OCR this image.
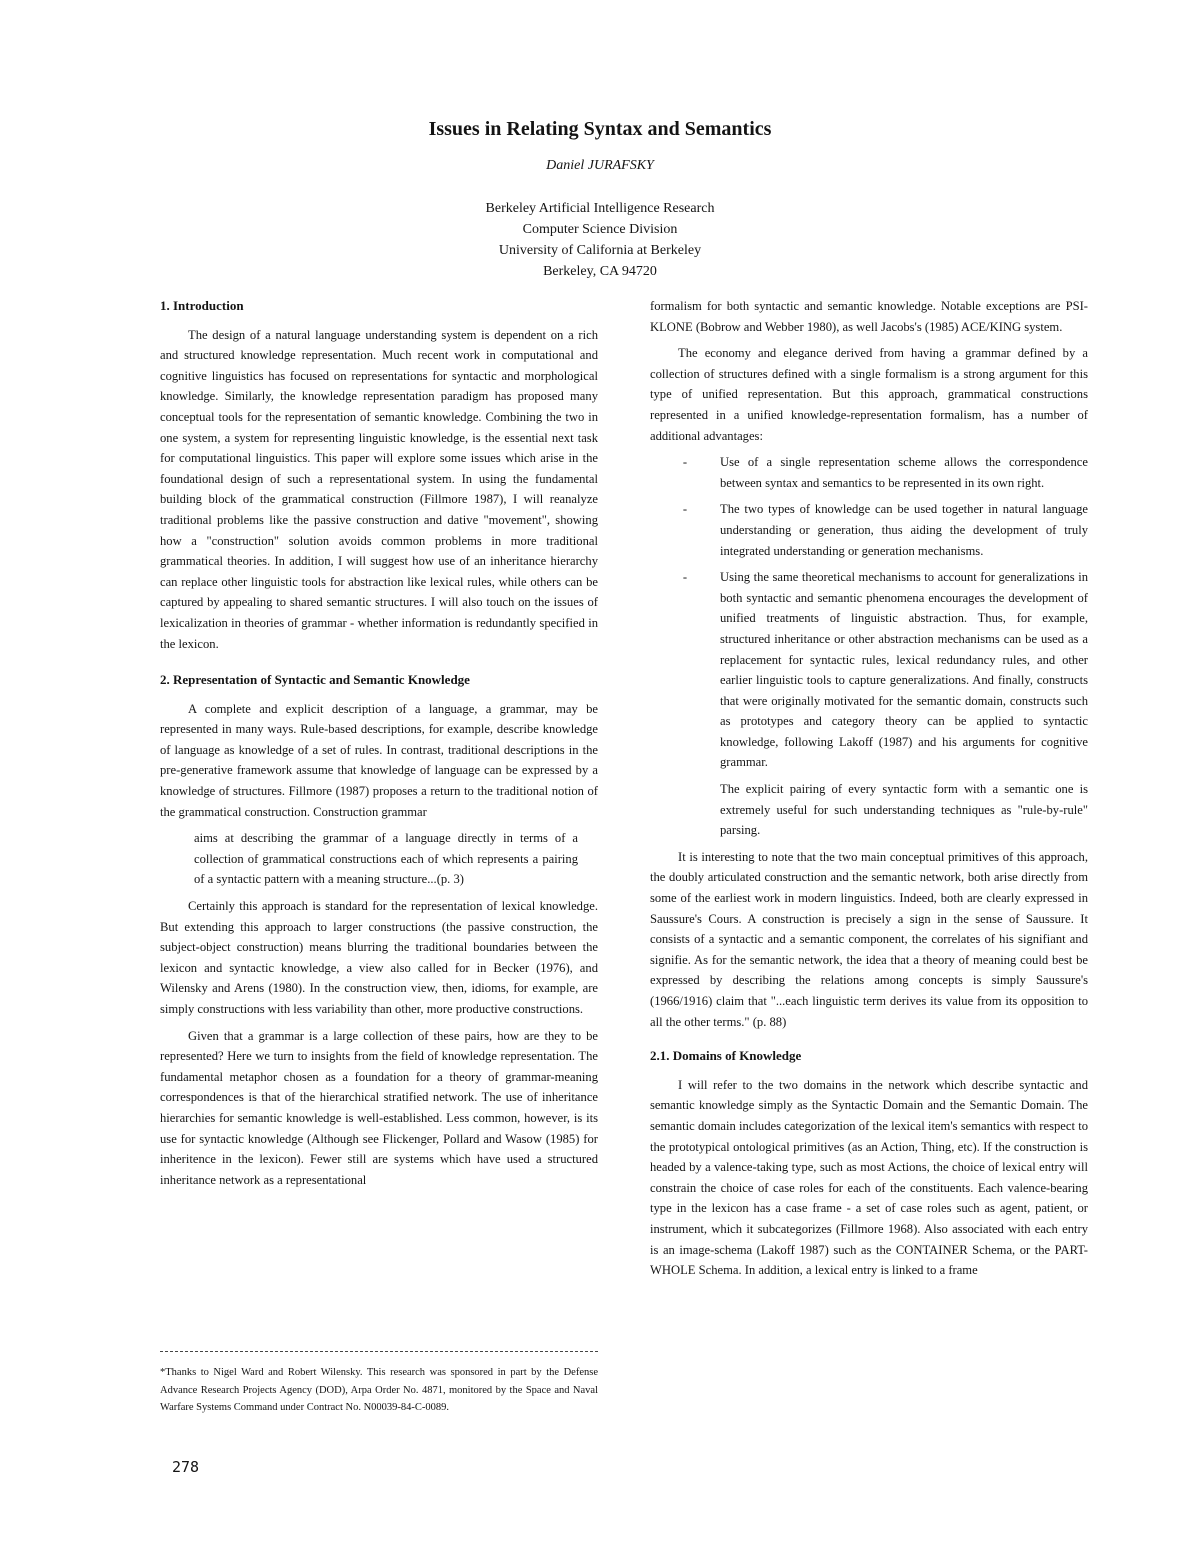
Issues in Relating Syntax and Semantics
Daniel JURAFSKY
Berkeley Artificial Intelligence Research
Computer Science Division
University of California at Berkeley
Berkeley, CA 94720
1. Introduction

The design of a natural language understanding system is dependent on a rich and structured knowledge representation. Much recent work in computational and cognitive linguistics has focused on representations for syntactic and morphological knowledge. Similarly, the knowledge representation paradigm has proposed many conceptual tools for the representation of semantic knowledge. Combining the two in one system, a system for representing linguistic knowledge, is the essential next task for computational linguistics. This paper will explore some issues which arise in the foundational design of such a representational system. In using the fundamental building block of the grammatical construction (Fillmore 1987), I will reanalyze traditional problems like the passive construction and dative "movement", showing how a "construction" solution avoids common problems in more traditional grammatical theories. In addition, I will suggest how use of an inheritance hierarchy can replace other linguistic tools for abstraction like lexical rules, while others can be captured by appealing to shared semantic structures. I will also touch on the issues of lexicalization in theories of grammar - whether information is redundantly specified in the lexicon.

2. Representation of Syntactic and Semantic Knowledge

A complete and explicit description of a language, a grammar, may be represented in many ways. Rule-based descriptions, for example, describe knowledge of language as knowledge of a set of rules. In contrast, traditional descriptions in the pre-generative framework assume that knowledge of language can be expressed by a knowledge of structures. Fillmore (1987) proposes a return to the traditional notion of the grammatical construction. Construction grammar

aims at describing the grammar of a language directly in terms of a collection of grammatical constructions each of which represents a pairing of a syntactic pattern with a meaning structure...(p. 3)

Certainly this approach is standard for the representation of lexical knowledge. But extending this approach to larger constructions (the passive construction, the subject-object construction) means blurring the traditional boundaries between the lexicon and syntactic knowledge, a view also called for in Becker (1976), and Wilensky and Arens (1980). In the construction view, then, idioms, for example, are simply constructions with less variability than other, more productive constructions.

Given that a grammar is a large collection of these pairs, how are they to be represented? Here we turn to insights from the field of knowledge representation. The fundamental metaphor chosen as a foundation for a theory of grammar-meaning correspondences is that of the hierarchical stratified network. The use of inheritance hierarchies for semantic knowledge is well-established. Less common, however, is its use for syntactic knowledge (Although see Flickenger, Pollard and Wasow (1985) for inheritence in the lexicon). Fewer still are systems which have used a structured inheritance network as a representational

*Thanks to Nigel Ward and Robert Wilensky. This research was sponsored in part by the Defense Advance Research Projects Agency (DOD), Arpa Order No. 4871, monitored by the Space and Naval Warfare Systems Command under Contract No. N00039-84-C-0089.
278

formalism for both syntactic and semantic knowledge. Notable exceptions are PSI-KLONE (Bobrow and Webber 1980), as well Jacobs's (1985) ACE/KING system.

The economy and elegance derived from having a grammar defined by a collection of structures defined with a single formalism is a strong argument for this type of unified representation. But this approach, grammatical constructions represented in a unified knowledge-representation formalism, has a number of additional advantages:

-	Use of a single representation scheme allows the correspondence between syntax and semantics to be represented in its own right.
-	The two types of knowledge can be used together in natural language understanding or generation, thus aiding the development of truly integrated understanding or generation mechanisms.
-	Using the same theoretical mechanisms to account for generalizations in both syntactic and semantic phenomena encourages the development of unified treatments of linguistic abstraction. Thus, for example, structured inheritance or other abstraction mechanisms can be used as a replacement for syntactic rules, lexical redundancy rules, and other earlier linguistic tools to capture generalizations. And finally, constructs that were originally motivated for the semantic domain, constructs such as prototypes and category theory can be applied to syntactic knowledge, following Lakoff (1987) and his arguments for cognitive grammar.

The explicit pairing of every syntactic form with a semantic one is extremely useful for such understanding techniques as "rule-by-rule" parsing.

It is interesting to note that the two main conceptual primitives of this approach, the doubly articulated construction and the semantic network, both arise directly from some of the earliest work in modern linguistics. Indeed, both are clearly expressed in Saussure's Cours. A construction is precisely a sign in the sense of Saussure. It consists of a syntactic and a semantic component, the correlates of his signifiant and signifie. As for the semantic network, the idea that a theory of meaning could best be expressed by describing the relations among concepts is simply Saussure's (1966/1916) claim that "...each linguistic term derives its value from its opposition to all the other terms." (p. 88)

2.1. Domains of Knowledge

I will refer to the two domains in the network which describe syntactic and semantic knowledge simply as the Syntactic Domain and the Semantic Domain. The semantic domain includes categorization of the lexical item's semantics with respect to the prototypical ontological primitives (as an Action, Thing, etc). If the construction is headed by a valence-taking type, such as most Actions, the choice of lexical entry will constrain the choice of case roles for each of the constituents. Each valence-bearing type in the lexicon has a case frame - a set of case roles such as agent, patient, or instrument, which it subcategorizes (Fillmore 1968). Also associated with each entry is an image-schema (Lakoff 1987) such as the CONTAINER Schema, or the PART-WHOLE Schema. In addition, a lexical entry is linked to a frame
